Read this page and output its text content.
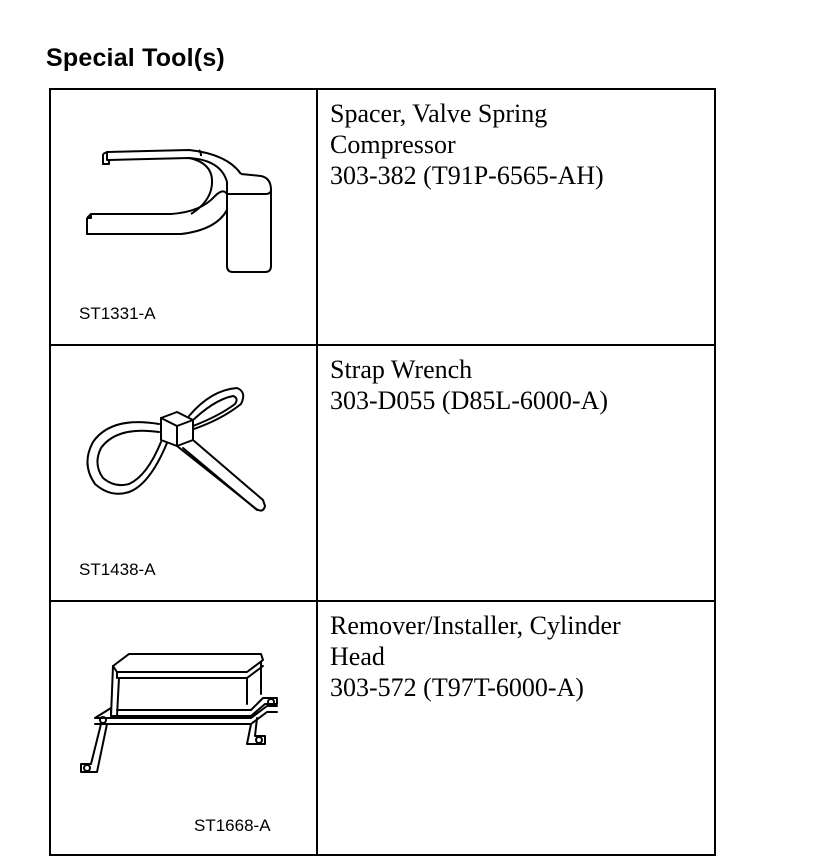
Special Tool(s)
ST1331-A
Spacer, Valve Spring
Compressor
303-382 (T91P-6565-AH)
ST1438-A
Strap Wrench
303-D055 (D85L-6000-A)
ST1668-A
Remover/Installer, Cylinder
Head
303-572 (T97T-6000-A)
